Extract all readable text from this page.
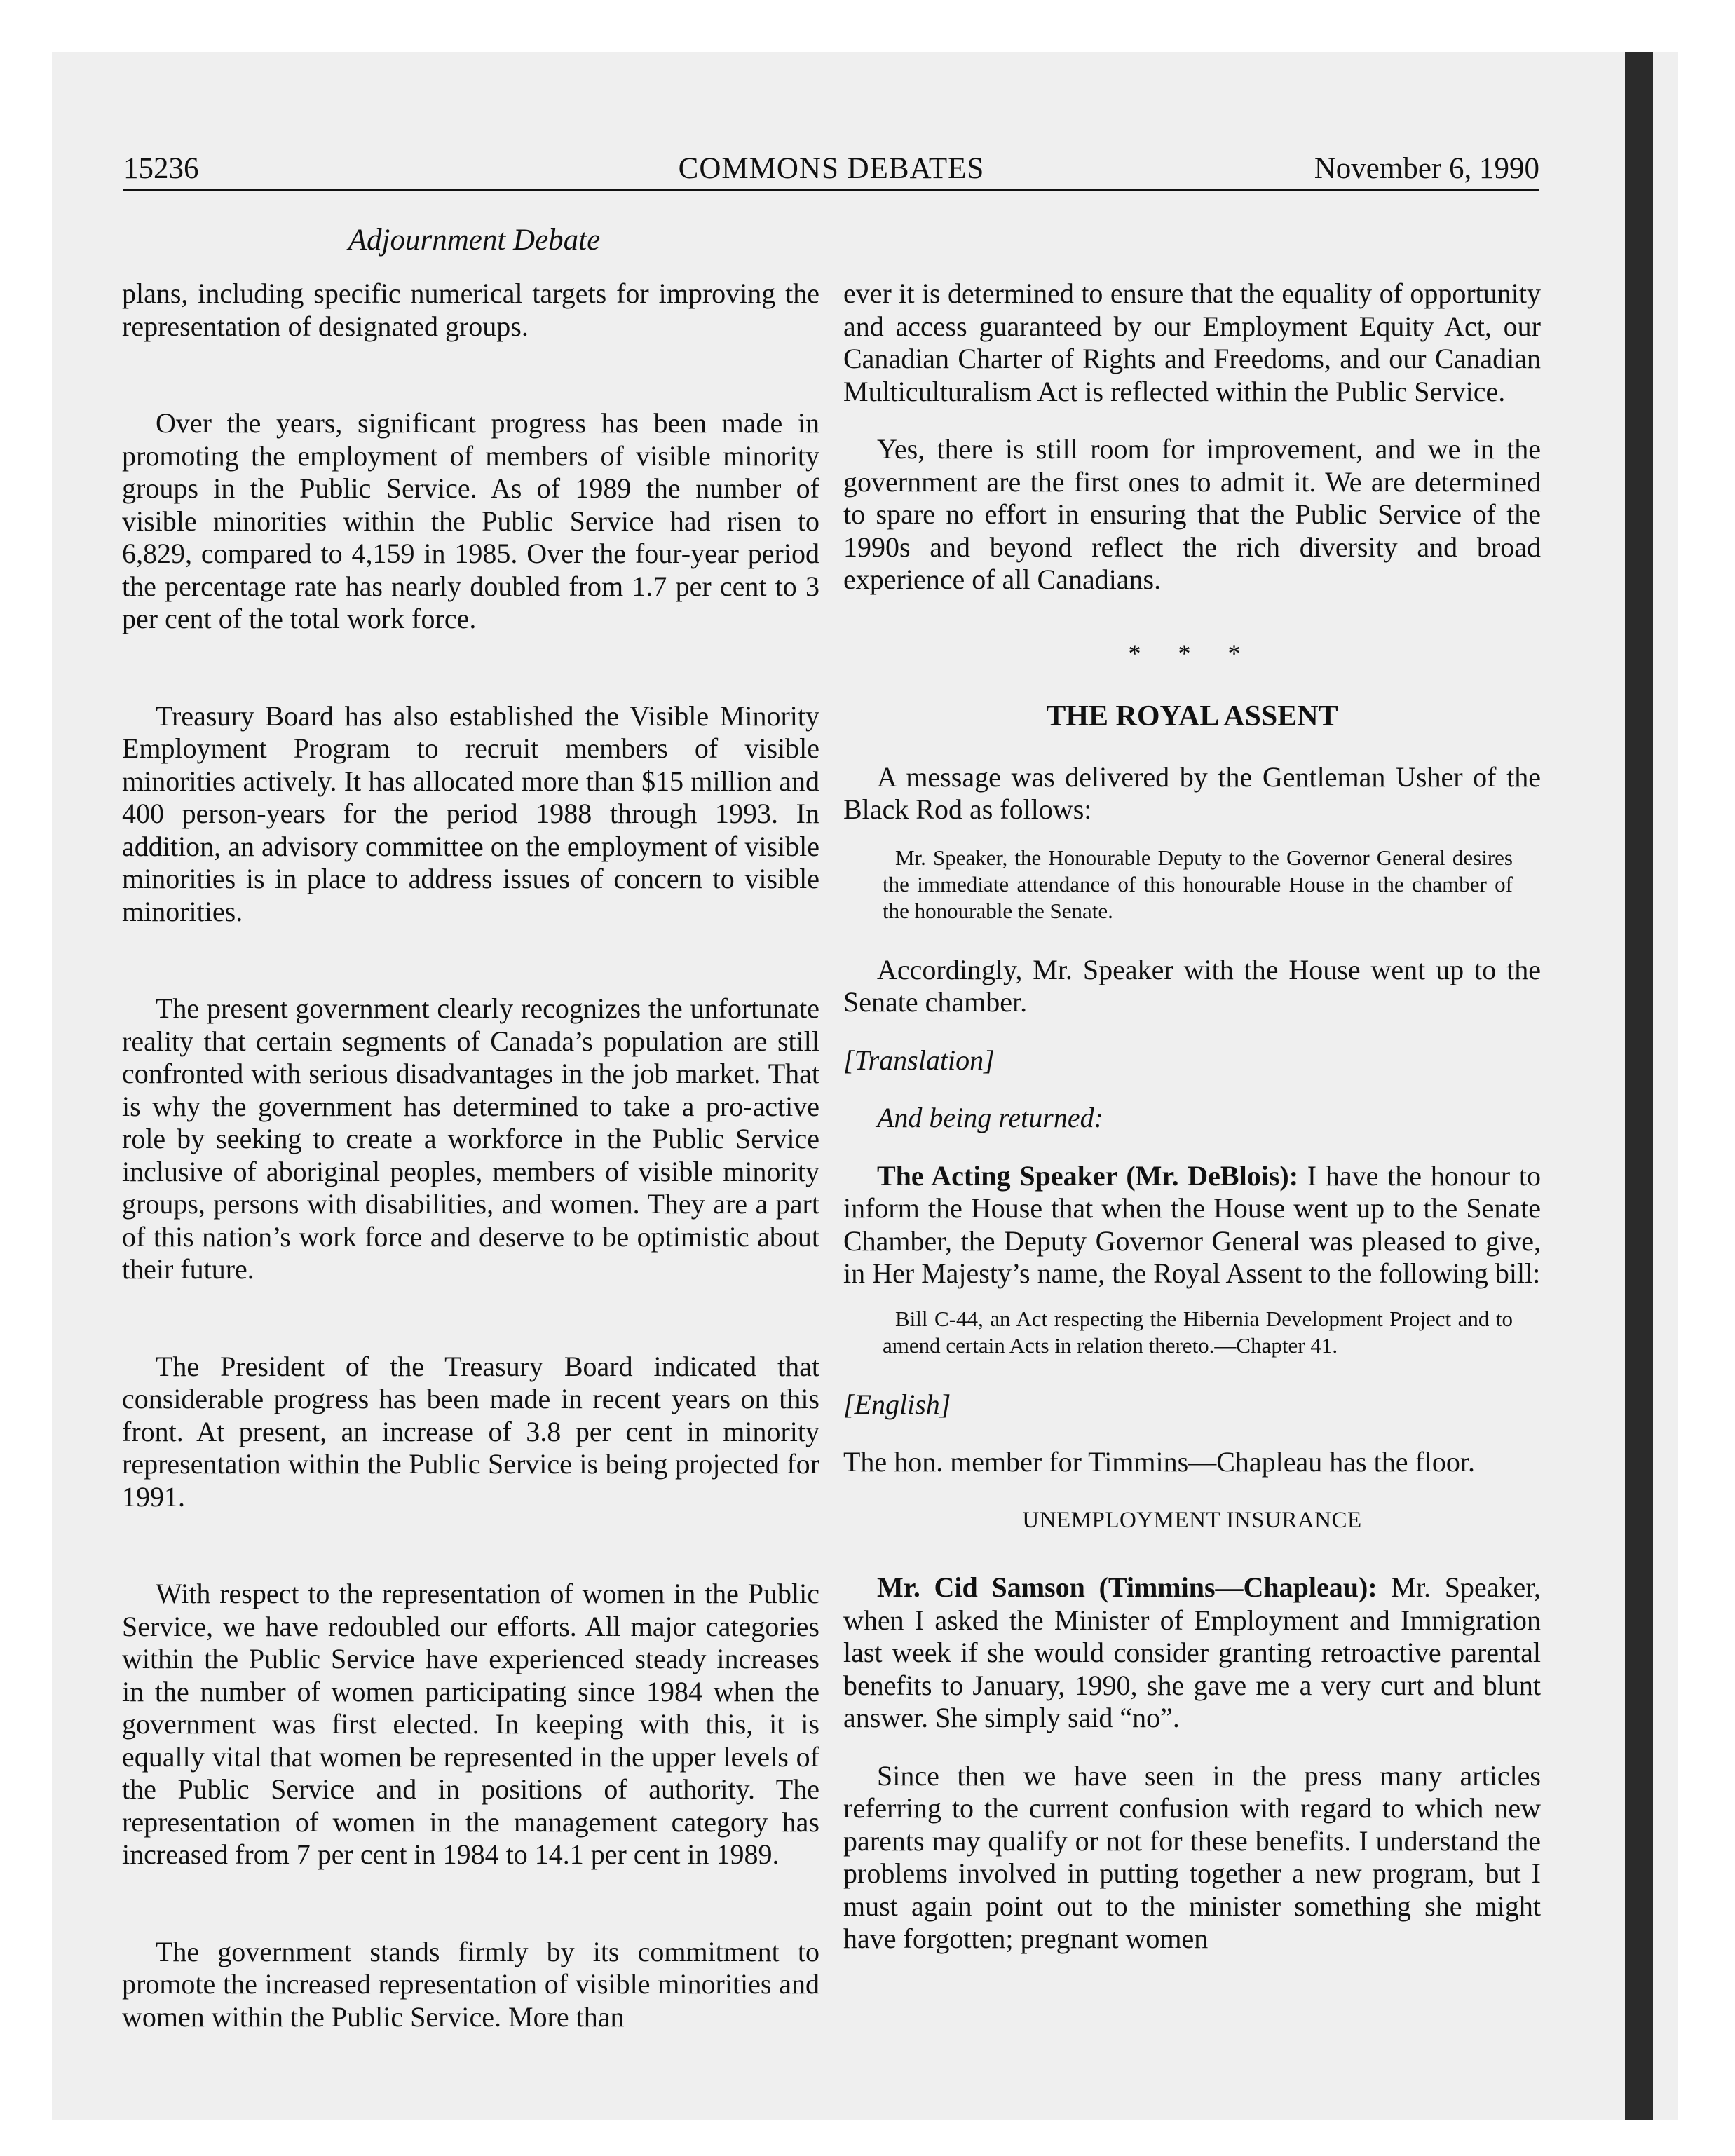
15236	COMMONS DEBATES	November 6, 1990
Adjournment Debate

plans, including specific numerical targets for improving the representation of designated groups.

Over the years, significant progress has been made in promoting the employment of members of visible minority groups in the Public Service. As of 1989 the number of visible minorities within the Public Service had risen to 6,829, compared to 4,159 in 1985. Over the four-year period the percentage rate has nearly doubled from 1.7 per cent to 3 per cent of the total work force.

Treasury Board has also established the Visible Minority Employment Program to recruit members of visible minorities actively. It has allocated more than $15 million and 400 person-years for the period 1988 through 1993. In addition, an advisory committee on the employment of visible minorities is in place to address issues of concern to visible minorities.

The present government clearly recognizes the unfortunate reality that certain segments of Canada’s population are still confronted with serious disadvantages in the job market. That is why the government has determined to take a pro-active role by seeking to create a workforce in the Public Service inclusive of aboriginal peoples, members of visible minority groups, persons with disabilities, and women. They are a part of this nation’s work force and deserve to be optimistic about their future.

The President of the Treasury Board indicated that considerable progress has been made in recent years on this front. At present, an increase of 3.8 per cent in minority representation within the Public Service is being projected for 1991.

With respect to the representation of women in the Public Service, we have redoubled our efforts. All major categories within the Public Service have experienced steady increases in the number of women participating since 1984 when the government was first elected. In keeping with this, it is equally vital that women be represented in the upper levels of the Public Service and in positions of authority. The representation of women in the management category has increased from 7 per cent in 1984 to 14.1 per cent in 1989.

The government stands firmly by its commitment to promote the increased representation of visible minorities and women within the Public Service. More than

ever it is determined to ensure that the equality of opportunity and access guaranteed by our Employment Equity Act, our Canadian Charter of Rights and Freedoms, and our Canadian Multiculturalism Act is reflected within the Public Service.

Yes, there is still room for improvement, and we in the government are the first ones to admit it. We are determined to spare no effort in ensuring that the Public Service of the 1990s and beyond reflect the rich diversity and broad experience of all Canadians.

* * *

THE ROYAL ASSENT

A message was delivered by the Gentleman Usher of the Black Rod as follows:

Mr. Speaker, the Honourable Deputy to the Governor General desires the immediate attendance of this honourable House in the chamber of the honourable the Senate.

Accordingly, Mr. Speaker with the House went up to the Senate chamber.

[Translation]

And being returned:

The Acting Speaker (Mr. DeBlois): I have the honour to inform the House that when the House went up to the Senate Chamber, the Deputy Governor General was pleased to give, in Her Majesty’s name, the Royal Assent to the following bill:

Bill C-44, an Act respecting the Hibernia Development Project and to amend certain Acts in relation thereto.—Chapter 41.

[English]

The hon. member for Timmins—Chapleau has the floor.

UNEMPLOYMENT INSURANCE

Mr. Cid Samson (Timmins—Chapleau): Mr. Speaker, when I asked the Minister of Employment and Immigration last week if she would consider granting retroactive parental benefits to January, 1990, she gave me a very curt and blunt answer. She simply said “no”.

Since then we have seen in the press many articles referring to the current confusion with regard to which new parents may qualify or not for these benefits. I understand the problems involved in putting together a new program, but I must again point out to the minister something she might have forgotten; pregnant women
